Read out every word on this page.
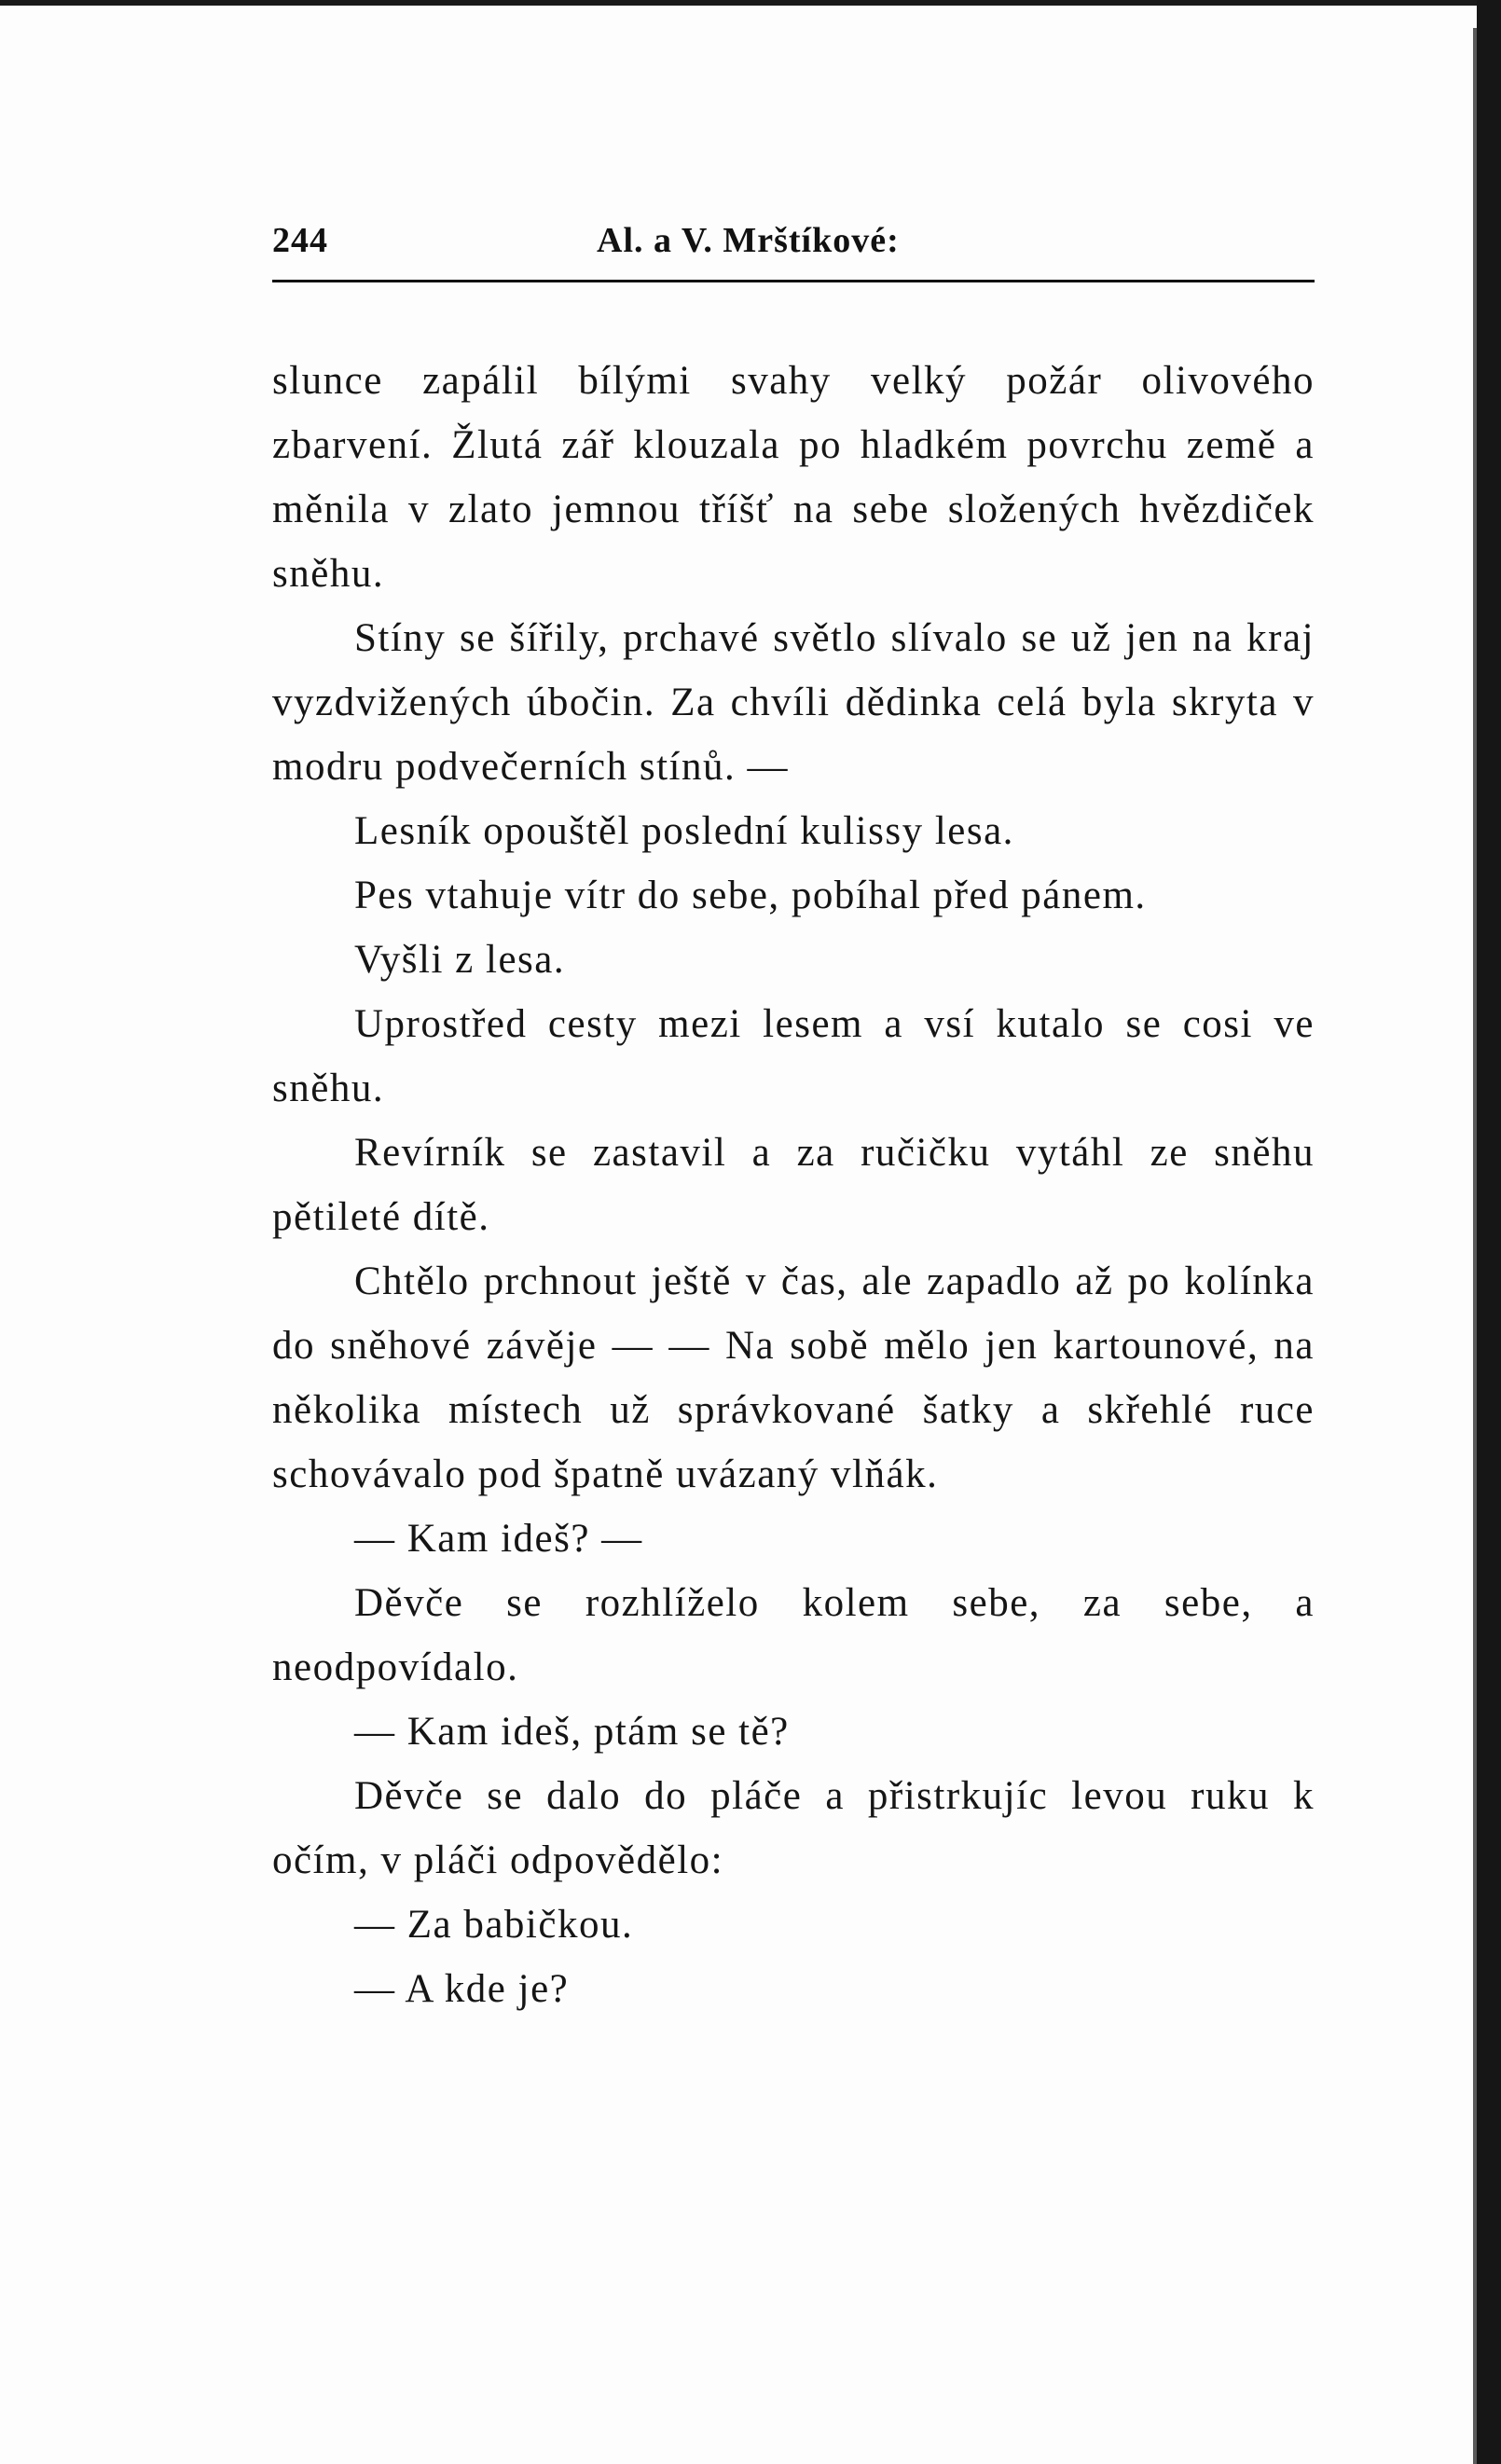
244	Al. a V. Mrštíkové:

slunce zapálil bílými svahy velký požár olivového zbarvení. Žlutá zář klouzala po hladkém povrchu země a měnila v zlato jemnou tříšť na sebe složených hvězdiček sněhu.

Stíny se šířily, prchavé světlo slívalo se už jen na kraj vyzdvižených úbočin. Za chvíli dědinka celá byla skryta v modru podvečerních stínů. —

Lesník opouštěl poslední kulissy lesa.

Pes vtahuje vítr do sebe, pobíhal před pánem.

Vyšli z lesa.

Uprostřed cesty mezi lesem a vsí kutalo se cosi ve sněhu.

Revírník se zastavil a za ručičku vytáhl ze sněhu pětileté dítě.

Chtělo prchnout ještě v čas, ale zapadlo až po kolínka do sněhové závěje — — Na sobě mělo jen kartounové, na několika místech už správkované šatky a skřehlé ruce schovávalo pod špatně uvázaný vlňák.

— Kam ideš? —

Děvče se rozhlíželo kolem sebe, za sebe, a neodpovídalo.

— Kam ideš, ptám se tě?

Děvče se dalo do pláče a přistrkujíc levou ruku k očím, v pláči odpovědělo:

— Za babičkou.

— A kde je?
